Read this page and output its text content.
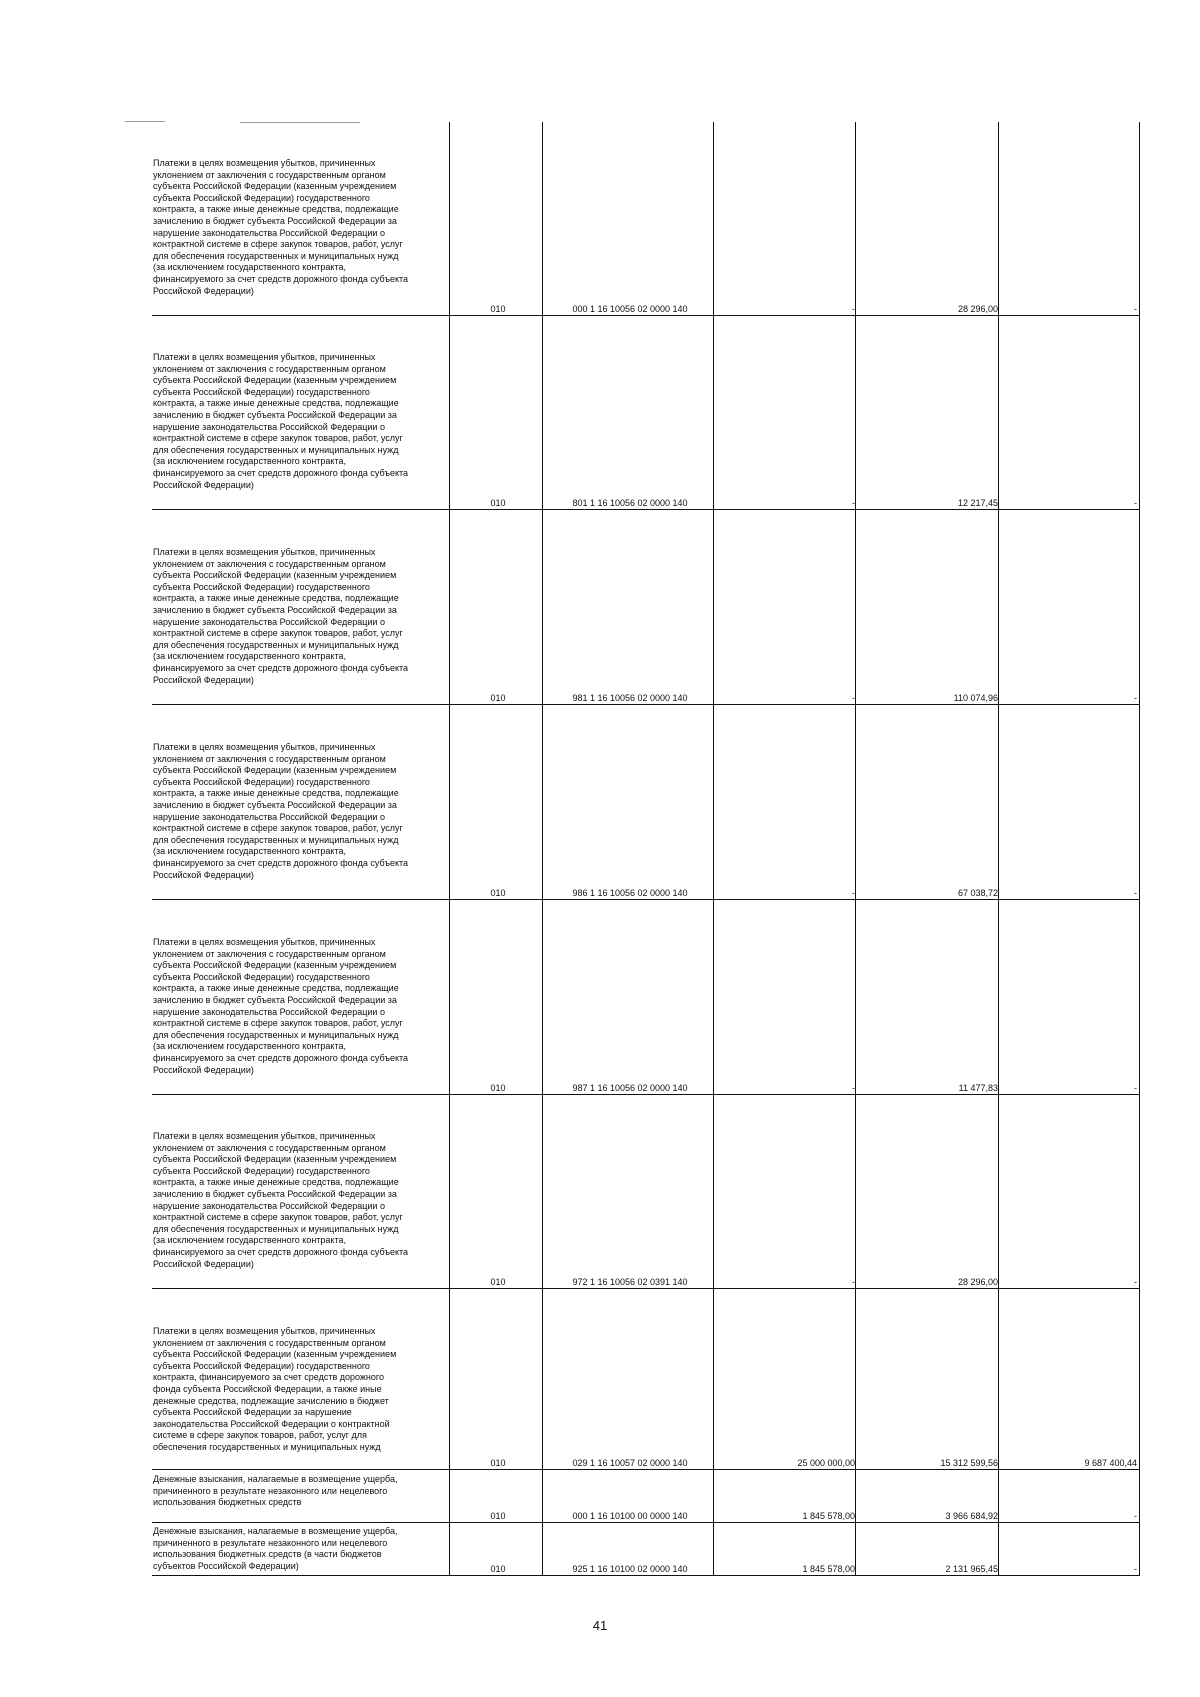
Платежи в целях возмещения убытков, причиненных
уклонением от заключения с государственным органом
субъекта Российской Федерации (казенным учреждением
субъекта Российской Федерации) государственного
контракта, а также иные денежные средства, подлежащие
зачислению в бюджет субъекта Российской Федерации за
нарушение законодательства Российской Федерации о
контрактной системе в сфере закупок товаров, работ, услуг
для обеспечения государственных и муниципальных нужд
(за исключением государственного контракта,
финансируемого за счет средств дорожного фонда субъекта
Российской Федерации)
010	000 1 16 10056 02 0000 140	-	28 296,00	-
Платежи в целях возмещения убытков, причиненных
уклонением от заключения с государственным органом
субъекта Российской Федерации (казенным учреждением
субъекта Российской Федерации) государственного
контракта, а также иные денежные средства, подлежащие
зачислению в бюджет субъекта Российской Федерации за
нарушение законодательства Российской Федерации о
контрактной системе в сфере закупок товаров, работ, услуг
для обеспечения государственных и муниципальных нужд
(за исключением государственного контракта,
финансируемого за счет средств дорожного фонда субъекта
Российской Федерации)
010	801 1 16 10056 02 0000 140	-	12 217,45	-
Платежи в целях возмещения убытков, причиненных
уклонением от заключения с государственным органом
субъекта Российской Федерации (казенным учреждением
субъекта Российской Федерации) государственного
контракта, а также иные денежные средства, подлежащие
зачислению в бюджет субъекта Российской Федерации за
нарушение законодательства Российской Федерации о
контрактной системе в сфере закупок товаров, работ, услуг
для обеспечения государственных и муниципальных нужд
(за исключением государственного контракта,
финансируемого за счет средств дорожного фонда субъекта
Российской Федерации)
010	981 1 16 10056 02 0000 140	-	110 074,96	-
Платежи в целях возмещения убытков, причиненных
уклонением от заключения с государственным органом
субъекта Российской Федерации (казенным учреждением
субъекта Российской Федерации) государственного
контракта, а также иные денежные средства, подлежащие
зачислению в бюджет субъекта Российской Федерации за
нарушение законодательства Российской Федерации о
контрактной системе в сфере закупок товаров, работ, услуг
для обеспечения государственных и муниципальных нужд
(за исключением государственного контракта,
финансируемого за счет средств дорожного фонда субъекта
Российской Федерации)
010	986 1 16 10056 02 0000 140	-	67 038,72	-
Платежи в целях возмещения убытков, причиненных
уклонением от заключения с государственным органом
субъекта Российской Федерации (казенным учреждением
субъекта Российской Федерации) государственного
контракта, а также иные денежные средства, подлежащие
зачислению в бюджет субъекта Российской Федерации за
нарушение законодательства Российской Федерации о
контрактной системе в сфере закупок товаров, работ, услуг
для обеспечения государственных и муниципальных нужд
(за исключением государственного контракта,
финансируемого за счет средств дорожного фонда субъекта
Российской Федерации)
010	987 1 16 10056 02 0000 140	-	11 477,83	-
Платежи в целях возмещения убытков, причиненных
уклонением от заключения с государственным органом
субъекта Российской Федерации (казенным учреждением
субъекта Российской Федерации) государственного
контракта, а также иные денежные средства, подлежащие
зачислению в бюджет субъекта Российской Федерации за
нарушение законодательства Российской Федерации о
контрактной системе в сфере закупок товаров, работ, услуг
для обеспечения государственных и муниципальных нужд
(за исключением государственного контракта,
финансируемого за счет средств дорожного фонда субъекта
Российской Федерации)
010	972 1 16 10056 02 0391 140	-	28 296,00	-
Платежи в целях возмещения убытков, причиненных
уклонением от заключения с государственным органом
субъекта Российской Федерации (казенным учреждением
субъекта Российской Федерации) государственного
контракта, финансируемого за счет средств дорожного
фонда субъекта Российской Федерации, а также иные
денежные средства, подлежащие зачислению в бюджет
субъекта Российской Федерации за нарушение
законодательства Российской Федерации о контрактной
системе в сфере закупок товаров, работ, услуг для
обеспечения государственных и муниципальных нужд
010	029 1 16 10057 02 0000 140	25 000 000,00	15 312 599,56	9 687 400,44
Денежные взыскания, налагаемые в возмещение ущерба,
причиненного в результате незаконного или нецелевого
использования бюджетных средств
010	000 1 16 10100 00 0000 140	1 845 578,00	3 966 684,92	-
Денежные взыскания, налагаемые в возмещение ущерба,
причиненного в результате незаконного или нецелевого
использования бюджетных средств (в части бюджетов
субъектов Российской Федерации)	010	925 1 16 10100 02 0000 140	1 845 578,00	2 131 965,45	-
41
